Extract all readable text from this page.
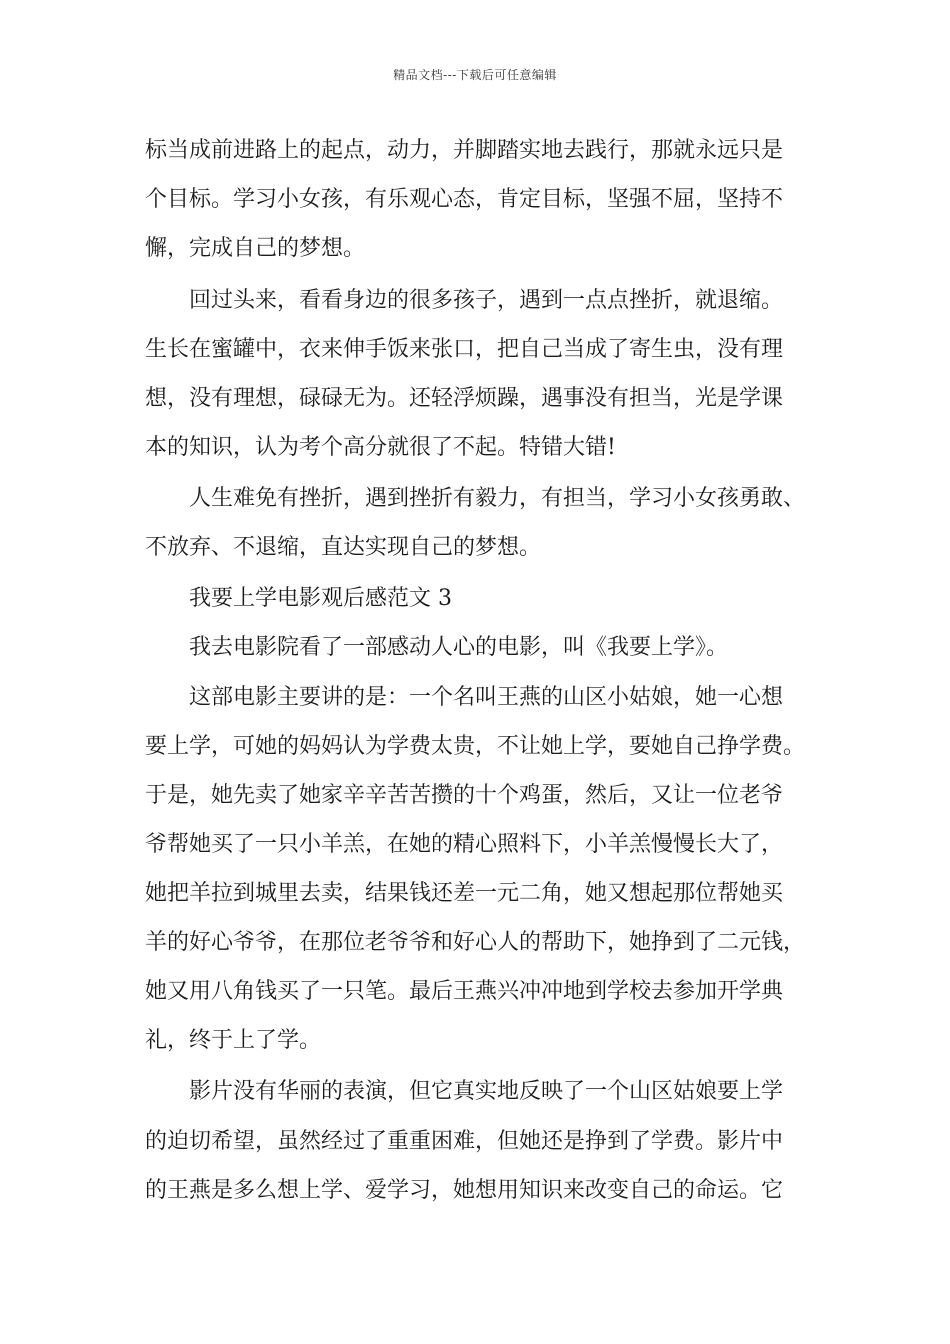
精品文档---下载后可任意编辑
标当成前进路上的起点，动力，并脚踏实地去践行，那就永远只是
个目标。学习小女孩，有乐观心态，肯定目标，坚强不屈，坚持不
懈，完成自己的梦想。
回过头来，看看身边的很多孩子，遇到一点点挫折，就退缩。
生长在蜜罐中，衣来伸手饭来张口，把自己当成了寄生虫，没有理
想，没有理想，碌碌无为。还轻浮烦躁，遇事没有担当，光是学课
本的知识，认为考个高分就很了不起。特错大错!
人生难免有挫折，遇到挫折有毅力，有担当，学习小女孩勇敢、
不放弃、不退缩，直达实现自己的梦想。
我要上学电影观后感范文 3
我去电影院看了一部感动人心的电影，叫《我要上学》。
这部电影主要讲的是：一个名叫王燕的山区小姑娘，她一心想
要上学，可她的妈妈认为学费太贵，不让她上学，要她自己挣学费。
于是，她先卖了她家辛辛苦苦攒的十个鸡蛋，然后，又让一位老爷
爷帮她买了一只小羊羔，在她的精心照料下，小羊羔慢慢长大了，
她把羊拉到城里去卖，结果钱还差一元二角，她又想起那位帮她买
羊的好心爷爷，在那位老爷爷和好心人的帮助下，她挣到了二元钱，
她又用八角钱买了一只笔。最后王燕兴冲冲地到学校去参加开学典
礼，终于上了学。
影片没有华丽的表演，但它真实地反映了一个山区姑娘要上学
的迫切希望，虽然经过了重重困难，但她还是挣到了学费。影片中
的王燕是多么想上学、爱学习，她想用知识来改变自己的命运。它
